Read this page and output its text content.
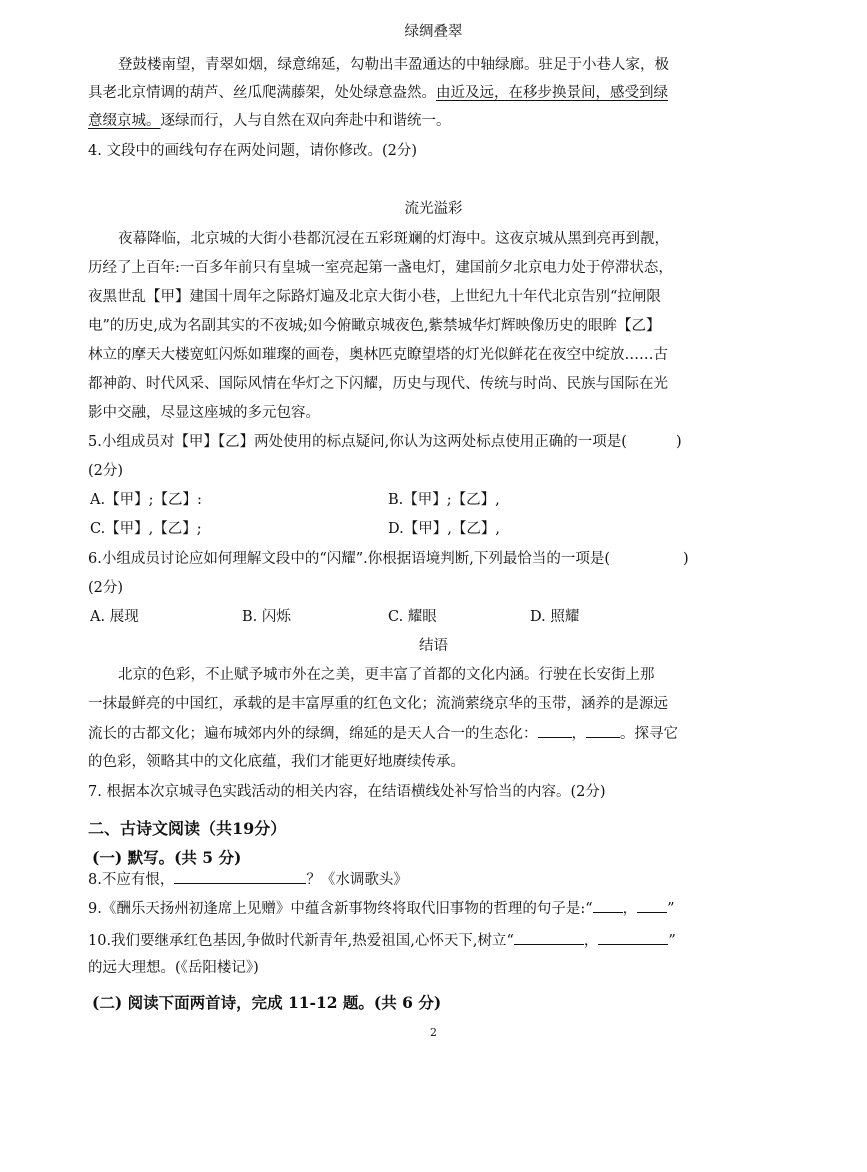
绿绸叠翠
登鼓楼南望，青翠如烟，绿意绵延，勾勒出丰盈通达的中轴绿廊。驻足于小巷人家，极
具老北京情调的葫芦、丝瓜爬满藤架，处处绿意盎然。由近及远，在移步换景间，感受到绿
意缀京城。逐绿而行，人与自然在双向奔赴中和谐统一。
4. 文段中的画线句存在两处问题，请你修改。(2分)
流光溢彩
夜幕降临，北京城的大街小巷都沉浸在五彩斑斓的灯海中。这夜京城从黑到亮再到靓，
历经了上百年:一百多年前只有皇城一室亮起第一盏电灯，建国前夕北京电力处于停滞状态，
夜黑世乱【甲】建国十周年之际路灯遍及北京大街小巷，上世纪九十年代北京告别“拉闸限
电”的历史,成为名副其实的不夜城;如今俯瞰京城夜色,紫禁城华灯辉映像历史的眼眸【乙】
林立的摩天大楼宽虹闪烁如璀璨的画卷，奥林匹克瞭望塔的灯光似鲜花在夜空中绽放……古
都神韵、时代风采、国际风情在华灯之下闪耀，历史与现代、传统与时尚、民族与国际在光
影中交融，尽显这座城的多元包容。
5.小组成员对【甲】【乙】两处使用的标点疑问,你认为这两处标点使用正确的一项是(	)
(2分)
A.【甲】;【乙】:	B.【甲】;【乙】,
C.【甲】,【乙】;	D.【甲】,【乙】,
6.小组成员讨论应如何理解文段中的“闪耀”.你根据语境判断,下列最恰当的一项是(	)
(2分)
A. 展现	B. 闪烁	C. 耀眼	D. 照耀
结语
北京的色彩，不止赋予城市外在之美，更丰富了首都的文化内涵。行驶在长安街上那
一抹最鲜亮的中国红，承载的是丰富厚重的红色文化；流淌萦绕京华的玉带，涵养的是源远
流长的古都文化；遍布城郊内外的绿绸，绵延的是天人合一的生态化： ， 。探寻它
的色彩，领略其中的文化底蕴，我们才能更好地赓续传承。
7. 根据本次京城寻色实践活动的相关内容，在结语横线处补写恰当的内容。(2分)
二、古诗文阅读（共19分）
(一) 默写。(共 5 分)
8.不应有恨，	？《水调歌头》
9.《酬乐天扬州初逢席上见赠》中蕴含新事物终将取代旧事物的哲理的句子是:“ ， ”
10.我们要继承红色基因,争做时代新青年,热爱祖国,心怀天下,树立“	，	”
的远大理想。(《岳阳楼记》)
(二) 阅读下面两首诗，完成 11-12 题。(共 6 分)
2
